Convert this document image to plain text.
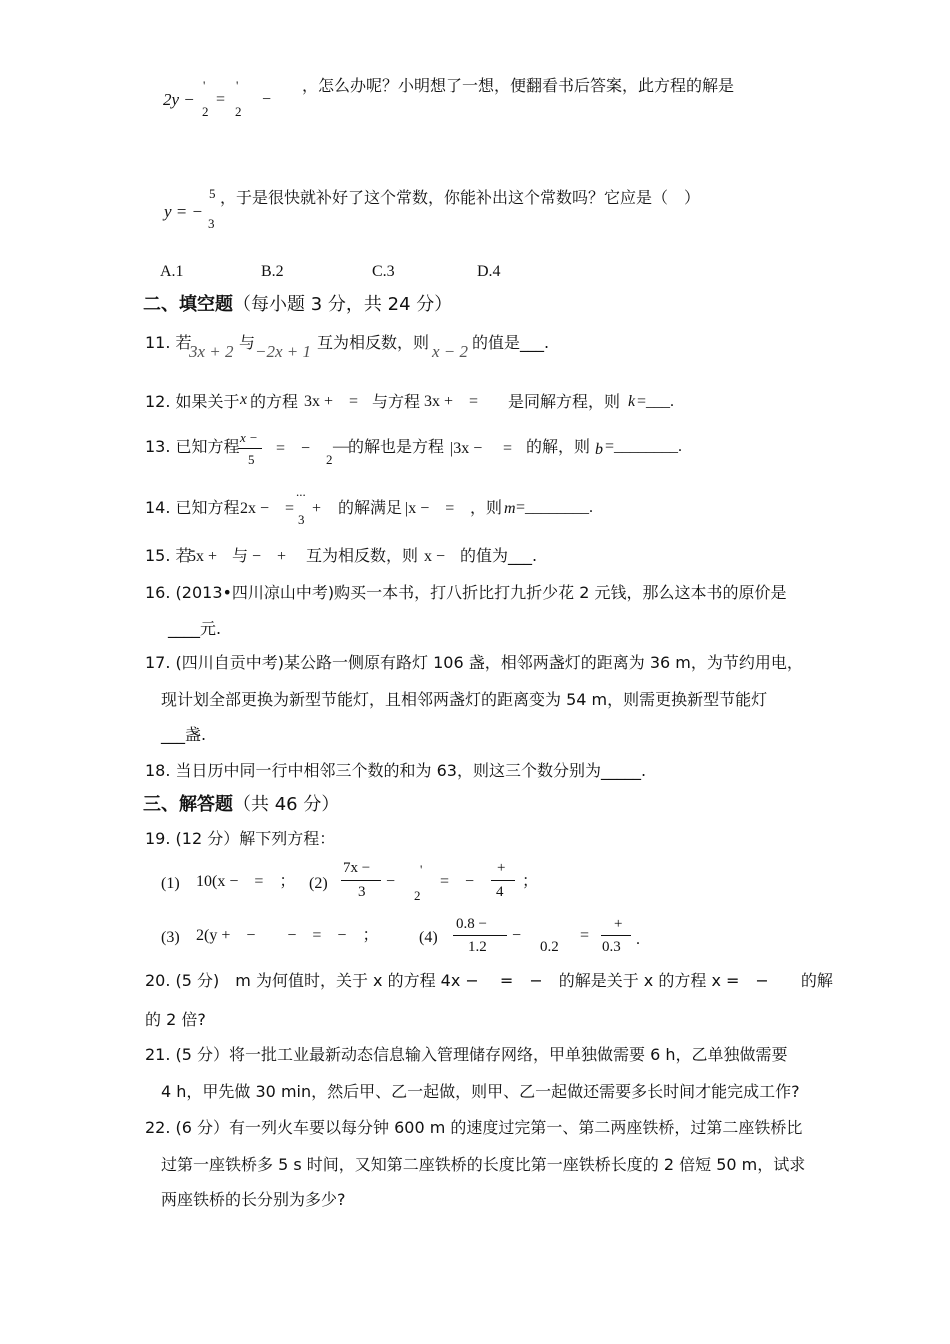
2y −
'
2
=
'
2
−
，怎么办呢？小明想了一想，便翻看书后答案，此方程的解是
y = −
5
3
，于是很快就补好了这个常数，你能补出这个常数吗？它应是（　）
A.1	B.2	C.3	D.4
二、填空题（每小题 3 分，共 24 分）
11. 若
3x + 2 与 −2x + 1 互为相反数，则 x − 2 的值是___.
12. 如果关于 x 的方程 3x +　= 与方程 3x +　= 是同解方程，则 k =___.
13. 已知方程 x −
5
=　−
2
— 的解也是方程 |3x − = 的解，则 b =________.
14. 已知方程 2x −　=
...
3
+ 的解满足 |x −　= ，则 m =________.
15. 若
5x + 与 −　+ 互为相反数，则 x − 的值为___.
16. (2013•四川凉山中考)购买一本书，打八折比打九折少花 2 元钱，那么这本书的原价是
____元.
17. (四川自贡中考)某公路一侧原有路灯 106 盏，相邻两盏灯的距离为 36 m，为节约用电，
现计划全部更换为新型节能灯，且相邻两盏灯的距离变为 54 m，则需更换新型节能灯
___盏.
18. 当日历中同一行中相邻三个数的和为 63，则这三个数分别为_____.
三、解答题（共 46 分）
19. (12 分）解下列方程：
(1) 10(x −　=　； (2)
7x −
3
−
'
2
=　−
+
4
；
(3) 2(y +　−　　−　=　−　；	(4)
0.8 −
1.2
−
0.2
=
+
0.3 .
20. (5 分)　m 为何值时，关于 x 的方程 4x −　 =　−　的解是关于 x 的方程 x =　−　　的解
的 2 倍?
21. (5 分）将一批工业最新动态信息输入管理储存网络，甲单独做需要 6 h，乙单独做需要
4 h，甲先做 30 min，然后甲、乙一起做，则甲、乙一起做还需要多长时间才能完成工作?
22. (6 分）有一列火车要以每分钟 600 m 的速度过完第一、第二两座铁桥，过第二座铁桥比
过第一座铁桥多 5 s 时间，又知第二座铁桥的长度比第一座铁桥长度的 2 倍短 50 m，试求
两座铁桥的长分别为多少?
